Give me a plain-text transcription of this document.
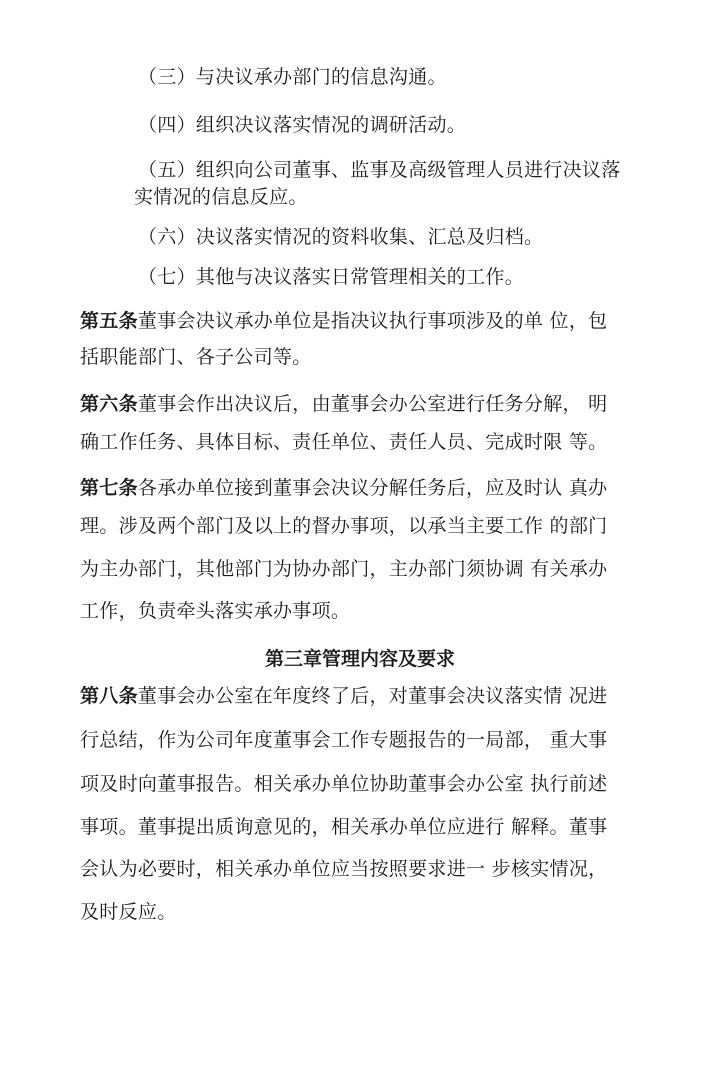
（三）与决议承办部门的信息沟通。
（四）组织决议落实情况的调研活动。
（五）组织向公司董事、监事及高级管理人员进行决议落
实情况的信息反应。
（六）决议落实情况的资料收集、汇总及归档。
（七）其他与决议落实日常管理相关的工作。
第五条董事会决议承办单位是指决议执行事项涉及的单 位，包
括职能部门、各子公司等。
第六条董事会作出决议后，由董事会办公室进行任务分解， 明
确工作任务、具体目标、责任单位、责任人员、完成时限 等。
第七条各承办单位接到董事会决议分解任务后，应及时认 真办
理。涉及两个部门及以上的督办事项，以承当主要工作 的部门
为主办部门，其他部门为协办部门，主办部门须协调 有关承办
工作，负责牵头落实承办事项。
第三章管理内容及要求
第八条董事会办公室在年度终了后，对董事会决议落实情 况进
行总结，作为公司年度董事会工作专题报告的一局部， 重大事
项及时向董事报告。相关承办单位协助董事会办公室 执行前述
事项。董事提出质询意见的，相关承办单位应进行 解释。董事
会认为必要时，相关承办单位应当按照要求进一 步核实情况，
及时反应。
